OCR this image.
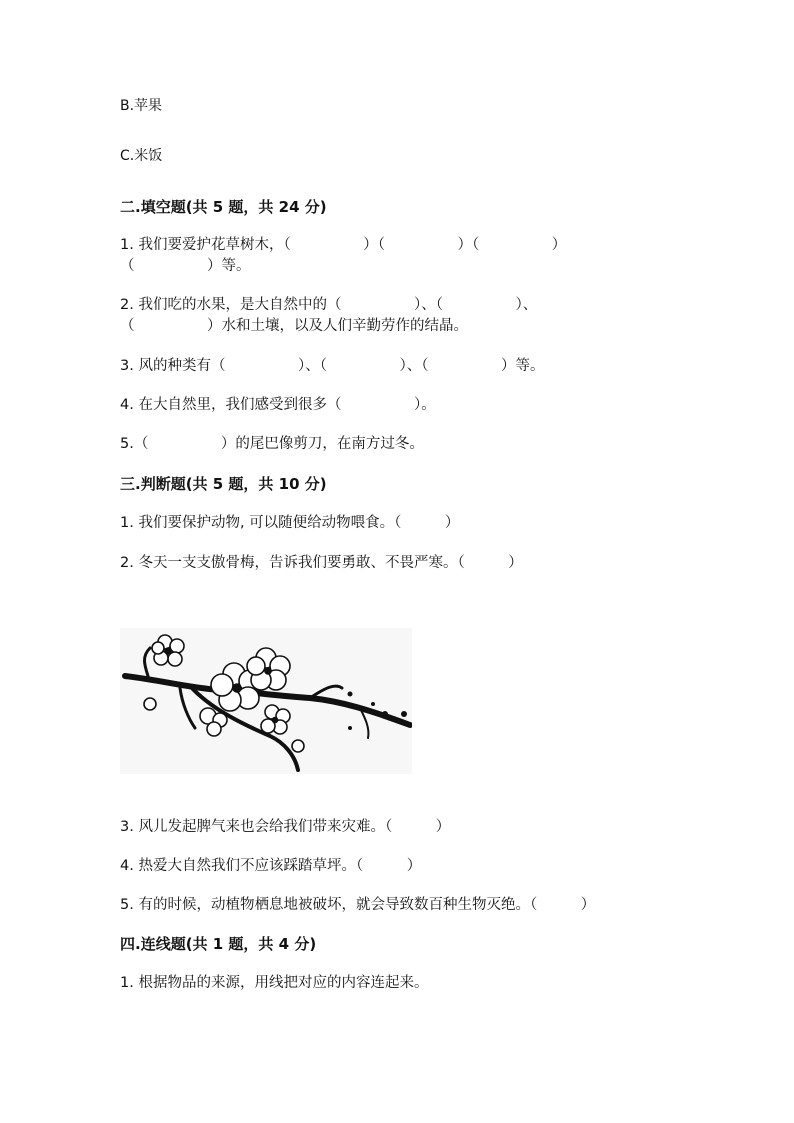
B.苹果
C.米饭
二.填空题(共 5 题，共 24 分)
1. 我们要爱护花草树木，（　　　　　）（　　　　　）（　　　　　）
（　　　　　）等。
2. 我们吃的水果，是大自然中的（　　　　　）、（　　　　　）、
（　　　　　）水和土壤，以及人们辛勤劳作的结晶。
3. 风的种类有（　　　　　）、（　　　　　）、（　　　　　）等。
4. 在大自然里，我们感受到很多（　　　　　）。
5.（　　　　　）的尾巴像剪刀，在南方过冬。
三.判断题(共 5 题，共 10 分)
1. 我们要保护动物, 可以随便给动物喂食。（　　　）
2. 冬天一支支傲骨梅，告诉我们要勇敢、不畏严寒。（　　　）
3. 风儿发起脾气来也会给我们带来灾难。（　　　）
4. 热爱大自然我们不应该踩踏草坪。（　　　）
5. 有的时候，动植物栖息地被破坏，就会导致数百种生物灭绝。（　　　）
四.连线题(共 1 题，共 4 分)
1. 根据物品的来源，用线把对应的内容连起来。
